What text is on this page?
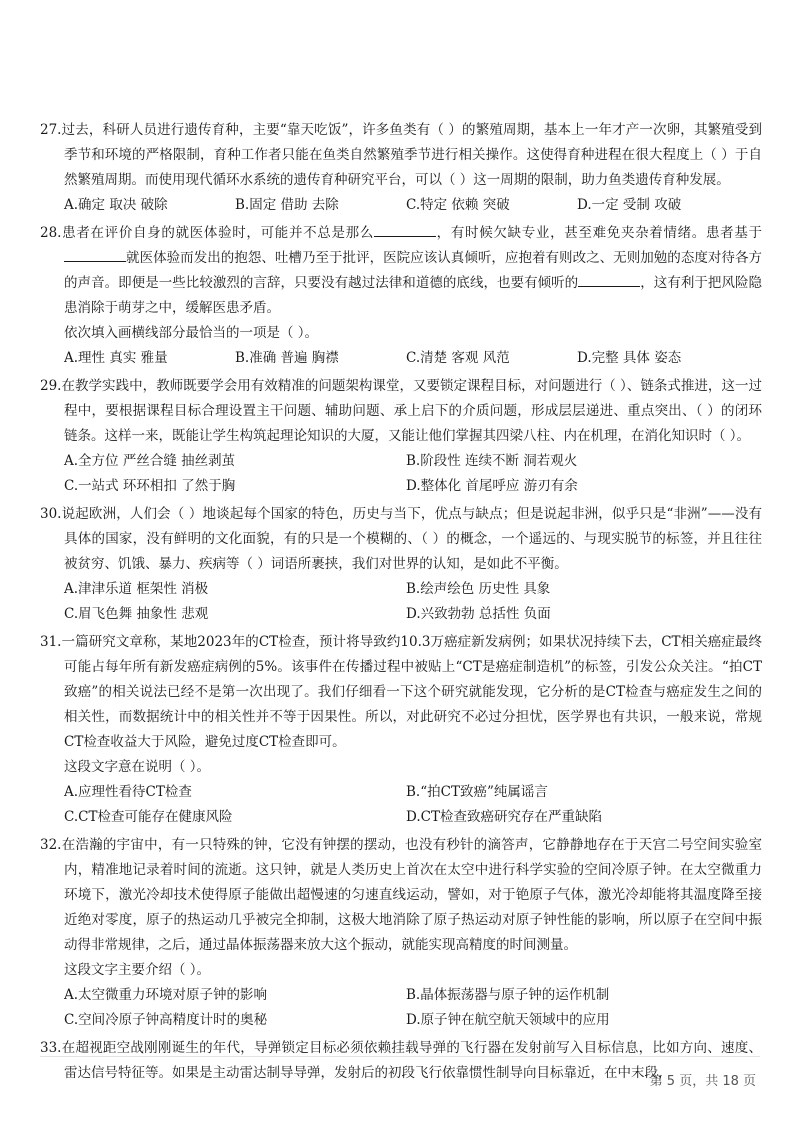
27.过去，科研人员进行遗传育种，主要“靠天吃饭”，许多鱼类有（ ）的繁殖周期，基本上一年才产一次卵，其繁殖受到季节和环境的严格限制，育种工作者只能在鱼类自然繁殖季节进行相关操作。这使得育种进程在很大程度上（ ）于自然繁殖周期。而使用现代循环水系统的遗传育种研究平台，可以（ ）这一周期的限制，助力鱼类遗传育种发展。
A.确定 取决 破除	B.固定 借助 去除	C.特定 依赖 突破	D.一定 受制 攻破
28.患者在评价自身的就医体验时，可能并不总是那么	，有时候欠缺专业，甚至难免夹杂着情绪。患者基于就医体验而发出的抱怨、吐槽乃至于批评，医院应该认真倾听，应抱着有则改之、无则加勉的态度对待各方的声音。即便是一些比较激烈的言辞，只要没有越过法律和道德的底线，也要有倾听的	，这有利于把风险隐患消除于萌芽之中，缓解医患矛盾。
依次填入画横线部分最恰当的一项是（ ）。
A.理性 真实 雅量	B.准确 普遍 胸襟	C.清楚 客观 风范	D.完整 具体 姿态
29.在教学实践中，教师既要学会用有效精准的问题架构课堂，又要锁定课程目标，对问题进行（ ）、链条式推进，这一过程中，要根据课程目标合理设置主干问题、辅助问题、承上启下的介质问题，形成层层递进、重点突出、（ ）的闭环链条。这样一来，既能让学生构筑起理论知识的大厦，又能让他们掌握其四梁八柱、内在机理，在消化知识时（ ）。
A.全方位 严丝合缝 抽丝剥茧	B.阶段性 连续不断 洞若观火
C.一站式 环环相扣 了然于胸	D.整体化 首尾呼应 游刃有余
30.说起欧洲，人们会（ ）地谈起每个国家的特色，历史与当下，优点与缺点；但是说起非洲，似乎只是“非洲”——没有具体的国家，没有鲜明的文化面貌，有的只是一个模糊的、（ ）的概念，一个遥远的、与现实脱节的标签，并且往往被贫穷、饥饿、暴力、疾病等（ ）词语所裹挟，我们对世界的认知，是如此不平衡。
A.津津乐道 框架性 消极	B.绘声绘色 历史性 具象
C.眉飞色舞 抽象性 悲观	D.兴致勃勃 总括性 负面
31.一篇研究文章称，某地2023年的CT检查，预计将导致约10.3万癌症新发病例；如果状况持续下去，CT相关癌症最终可能占每年所有新发癌症病例的5%。该事件在传播过程中被贴上“CT是癌症制造机”的标签，引发公众关注。“拍CT致癌”的相关说法已经不是第一次出现了。我们仔细看一下这个研究就能发现，它分析的是CT检查与癌症发生之间的相关性，而数据统计中的相关性并不等于因果性。所以，对此研究不必过分担忧，医学界也有共识，一般来说，常规CT检查收益大于风险，避免过度CT检查即可。
这段文字意在说明（ ）。
A.应理性看待CT检查	B.“拍CT致癌”纯属谣言
C.CT检查可能存在健康风险	D.CT检查致癌研究存在严重缺陷
32.在浩瀚的宇宙中，有一只特殊的钟，它没有钟摆的摆动，也没有秒针的滴答声，它静静地存在于天宫二号空间实验室内，精准地记录着时间的流逝。这只钟，就是人类历史上首次在太空中进行科学实验的空间冷原子钟。在太空微重力环境下，激光冷却技术使得原子能做出超慢速的匀速直线运动，譬如，对于铯原子气体，激光冷却能将其温度降至接近绝对零度，原子的热运动几乎被完全抑制，这极大地消除了原子热运动对原子钟性能的影响，所以原子在空间中振动得非常规律，之后，通过晶体振荡器来放大这个振动，就能实现高精度的时间测量。
这段文字主要介绍（ ）。
A.太空微重力环境对原子钟的影响	B.晶体振荡器与原子钟的运作机制
C.空间冷原子钟高精度计时的奥秘	D.原子钟在航空航天领域中的应用
33.在超视距空战刚刚诞生的年代，导弹锁定目标必须依赖挂载导弹的飞行器在发射前写入目标信息，比如方向、速度、雷达信号特征等。如果是主动雷达制导导弹，发射后的初段飞行依靠惯性制导向目标靠近，在中末段，
第 5 页，共 18 页
